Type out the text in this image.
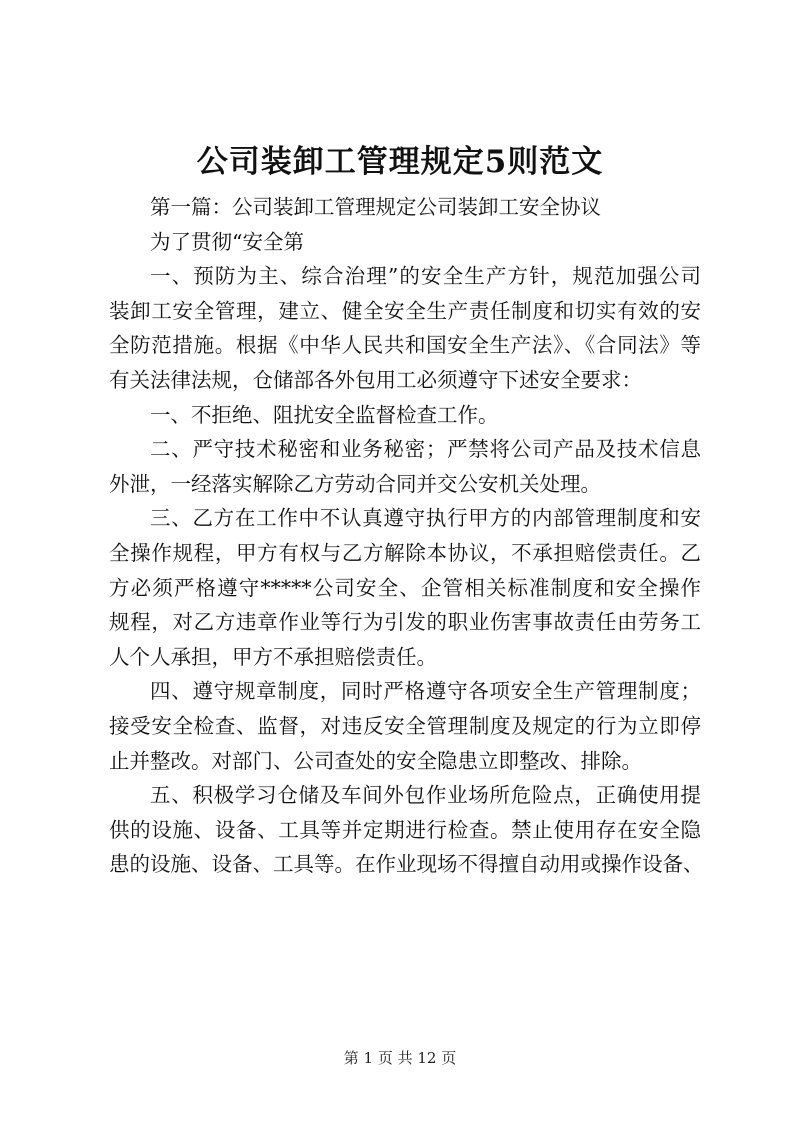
公司装卸工管理规定5则范文

第一篇：公司装卸工管理规定公司装卸工安全协议

为了贯彻“安全第

一、预防为主、综合治理”的安全生产方针，规范加强公司
装卸工安全管理，建立、健全安全生产责任制度和切实有效的安
全防范措施。根据《中华人民共和国安全生产法》、《合同法》等
有关法律法规，仓储部各外包用工必须遵守下述安全要求：

一、不拒绝、阻扰安全监督检查工作。

二、严守技术秘密和业务秘密；严禁将公司产品及技术信息
外泄，一经落实解除乙方劳动合同并交公安机关处理。

三、乙方在工作中不认真遵守执行甲方的内部管理制度和安
全操作规程，甲方有权与乙方解除本协议，不承担赔偿责任。乙
方必须严格遵守*****公司安全、企管相关标准制度和安全操作
规程，对乙方违章作业等行为引发的职业伤害事故责任由劳务工
人个人承担，甲方不承担赔偿责任。

四、遵守规章制度，同时严格遵守各项安全生产管理制度；
接受安全检查、监督，对违反安全管理制度及规定的行为立即停
止并整改。对部门、公司查处的安全隐患立即整改、排除。

五、积极学习仓储及车间外包作业场所危险点，正确使用提
供的设施、设备、工具等并定期进行检查。禁止使用存在安全隐
患的设施、设备、工具等。在作业现场不得擅自动用或操作设备、

第 1 页 共 12 页
